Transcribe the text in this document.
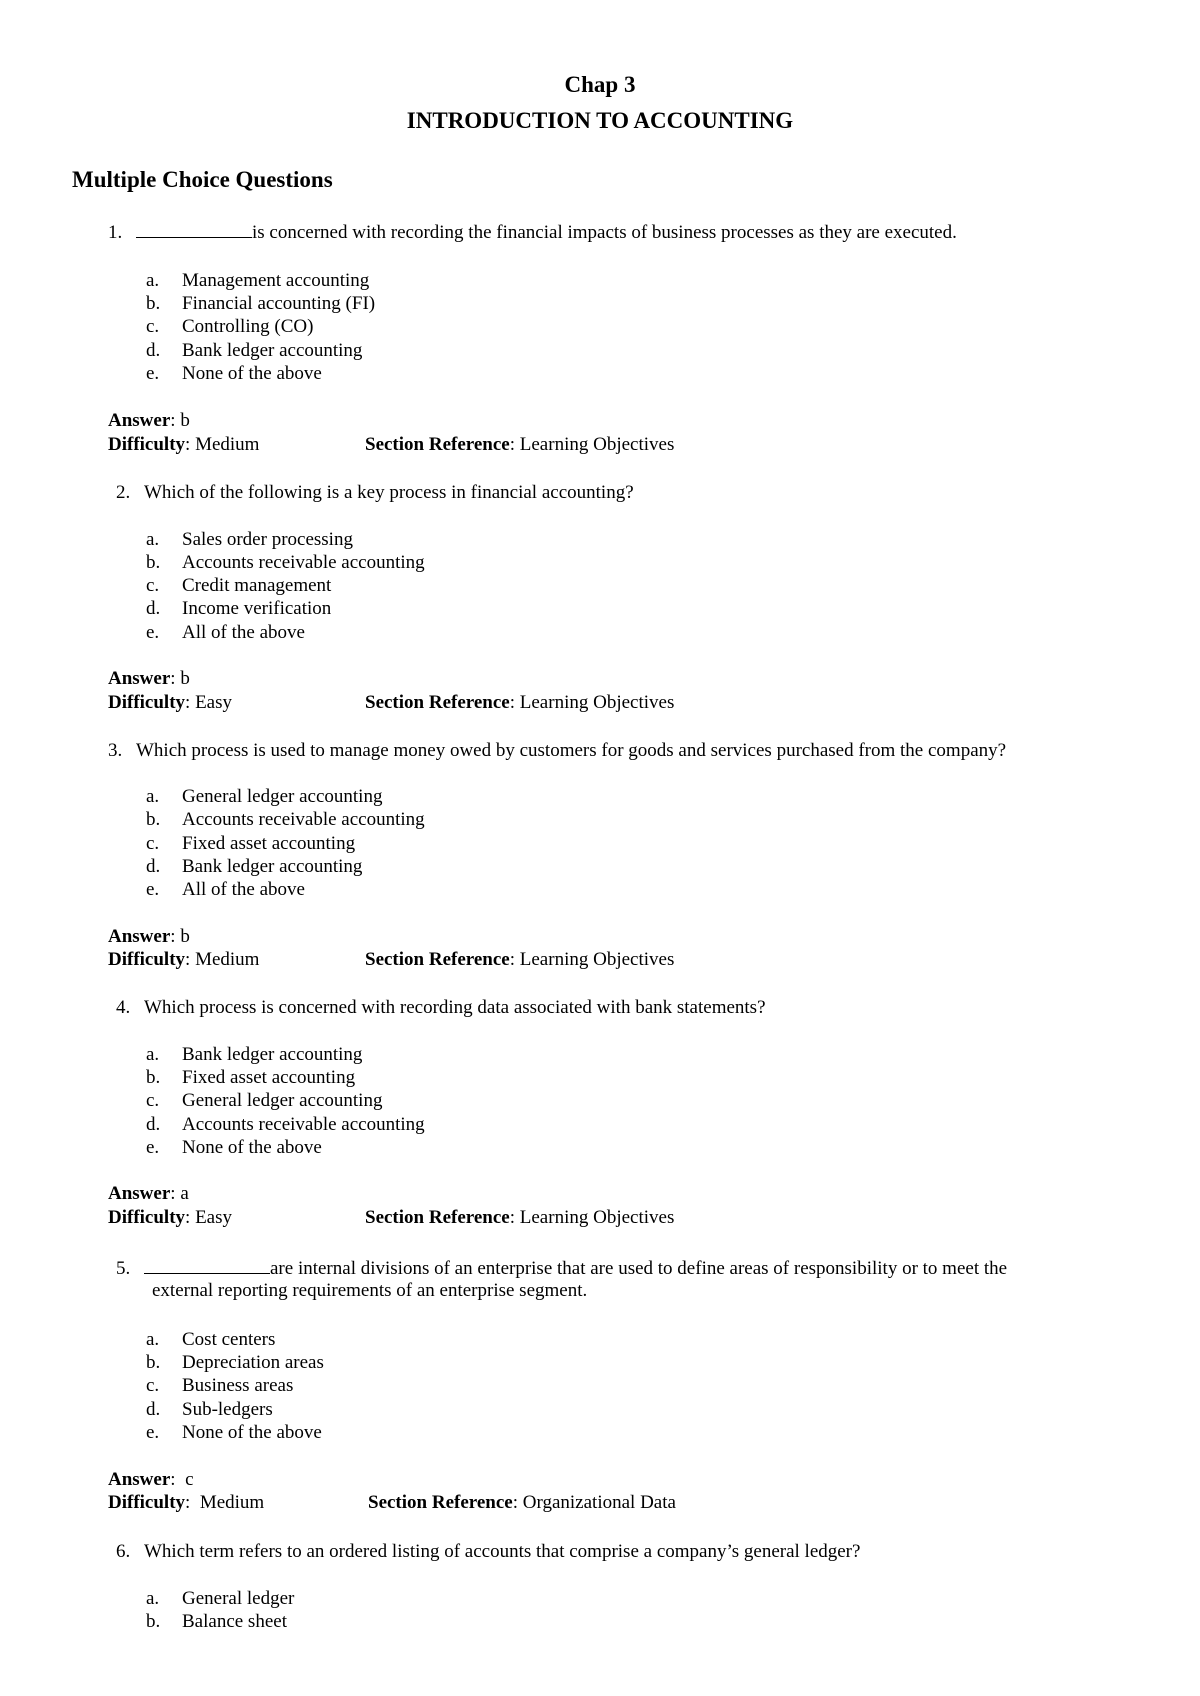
Chap 3
INTRODUCTION TO ACCOUNTING
Multiple Choice Questions
1.	is concerned with recording the financial impacts of business processes as they are executed.
a. Management accounting
b. Financial accounting (FI)
c. Controlling (CO)
d. Bank ledger accounting
e. None of the above
Answer: b
Difficulty: Medium	Section Reference: Learning Objectives
2. Which of the following is a key process in financial accounting?
a. Sales order processing
b. Accounts receivable accounting
c. Credit management
d. Income verification
e. All of the above
Answer: b
Difficulty: Easy	Section Reference: Learning Objectives
3. Which process is used to manage money owed by customers for goods and services purchased from the company?
a. General ledger accounting
b. Accounts receivable accounting
c. Fixed asset accounting
d. Bank ledger accounting
e. All of the above
Answer: b
Difficulty: Medium	Section Reference: Learning Objectives
4. Which process is concerned with recording data associated with bank statements?
a. Bank ledger accounting
b. Fixed asset accounting
c. General ledger accounting
d. Accounts receivable accounting
e. None of the above
Answer: a
Difficulty: Easy	Section Reference: Learning Objectives
5.	are internal divisions of an enterprise that are used to define areas of responsibility or to meet the
external reporting requirements of an enterprise segment.
a. Cost centers
b. Depreciation areas
c. Business areas
d. Sub-ledgers
e. None of the above
Answer:  c
Difficulty:  Medium	Section Reference: Organizational Data
6. Which term refers to an ordered listing of accounts that comprise a company’s general ledger?
a. General ledger
b. Balance sheet
